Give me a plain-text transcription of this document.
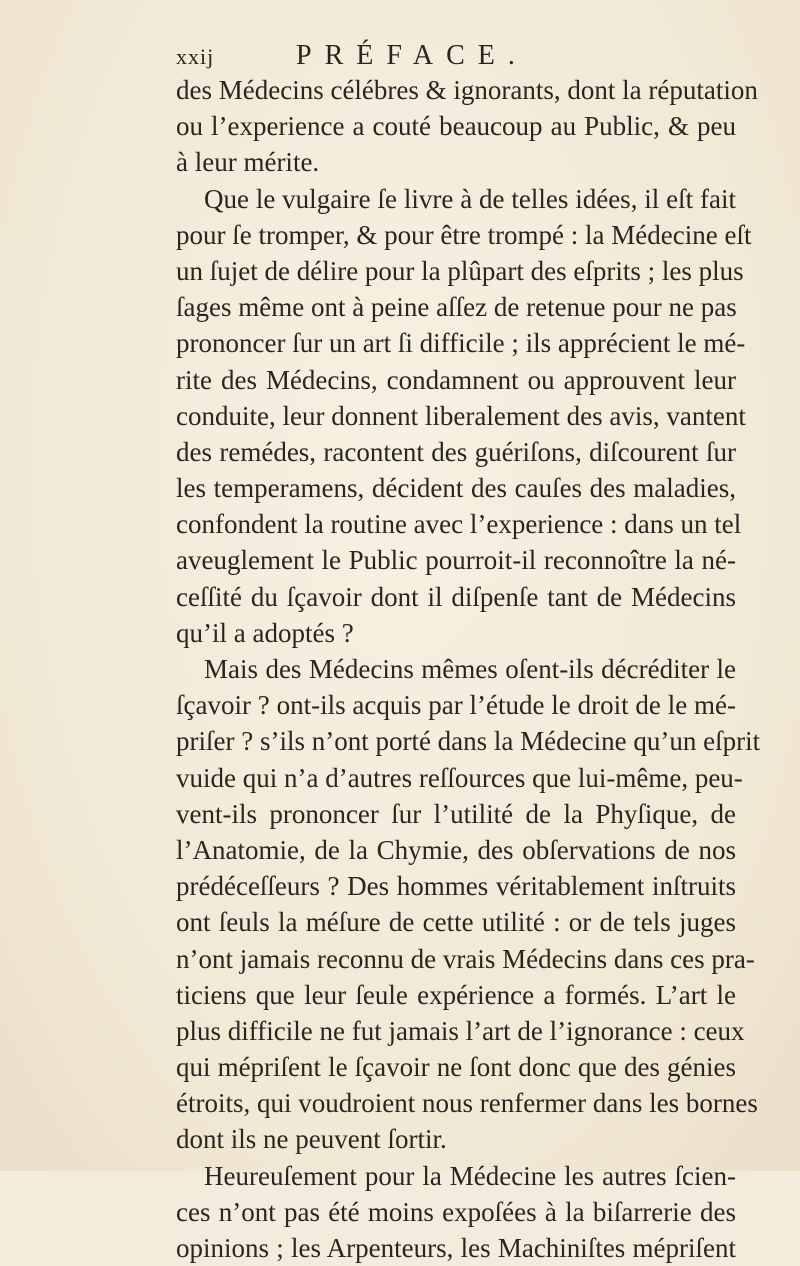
xxij	PRÉFACE.
des Médecins célébres & ignorants, dont la réputation
ou l’experience a couté beaucoup au Public, & peu
à leur mérite.
Que le vulgaire ſe livre à de telles idées, il eſt fait
pour ſe tromper, & pour être trompé : la Médecine eſt
un ſujet de délire pour la plûpart des eſprits ; les plus
ſages même ont à peine aſſez de retenue pour ne pas
prononcer ſur un art ſi difficile ; ils apprécient le mé-
rite des Médecins, condamnent ou approuvent leur
conduite, leur donnent liberalement des avis, vantent
des remédes, racontent des guériſons, diſcourent ſur
les temperamens, décident des cauſes des maladies,
confondent la routine avec l’experience : dans un tel
aveuglement le Public pourroit-il reconnoître la né-
ceſſité du ſçavoir dont il diſpenſe tant de Médecins
qu’il a adoptés ?
Mais des Médecins mêmes oſent-ils décréditer le
ſçavoir ? ont-ils acquis par l’étude le droit de le mé-
priſer ? s’ils n’ont porté dans la Médecine qu’un eſprit
vuide qui n’a d’autres reſſources que lui-même, peu-
vent-ils prononcer ſur l’utilité de la Phyſique, de
l’Anatomie, de la Chymie, des obſervations de nos
prédéceſſeurs ? Des hommes véritablement inſtruits
ont ſeuls la méſure de cette utilité : or de tels juges
n’ont jamais reconnu de vrais Médecins dans ces pra-
ticiens que leur ſeule expérience a formés. L’art le
plus difficile ne fut jamais l’art de l’ignorance : ceux
qui mépriſent le ſçavoir ne ſont donc que des génies
étroits, qui voudroient nous renfermer dans les bornes
dont ils ne peuvent ſortir.
Heureuſement pour la Médecine les autres ſcien-
ces n’ont pas été moins expoſées à la biſarrerie des
opinions ; les Arpenteurs, les Machiniſtes mépriſent
